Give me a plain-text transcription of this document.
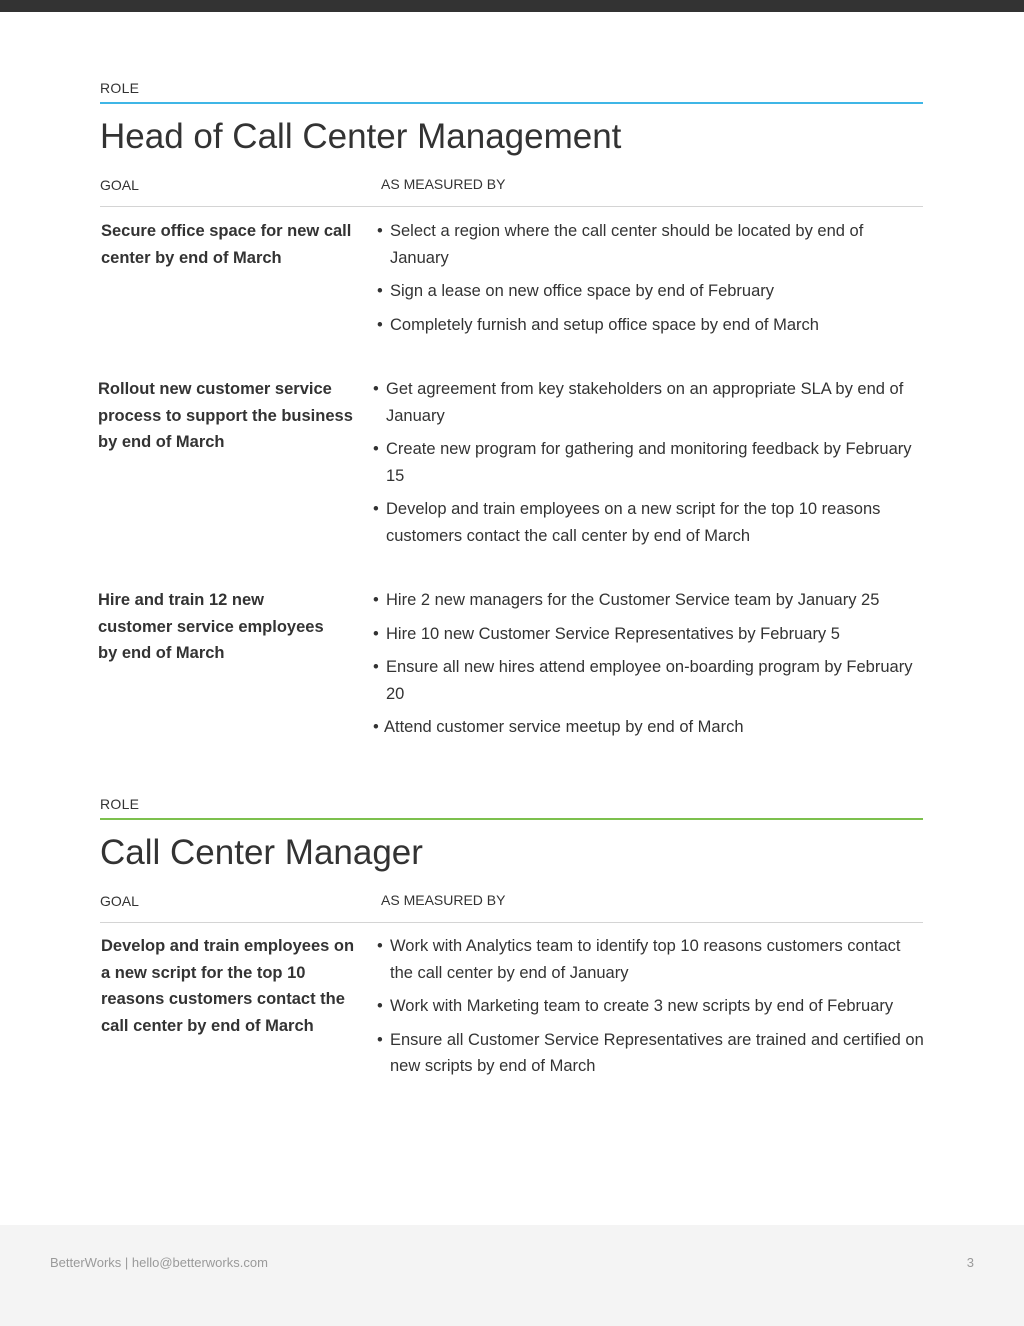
ROLE
Head of Call Center Management
GOAL	AS MEASURED BY
Secure office space for new call center by end of March
• Select a region where the call center should be located by end of January
• Sign a lease on new office space by end of February
• Completely furnish and setup office space by end of March
Rollout new customer service process to support the business by end of March
• Get agreement from key stakeholders on an appropriate SLA by end of January
• Create new program for gathering and monitoring feedback by February 15
• Develop and train employees on a new script for the top 10 reasons customers contact the call center by end of March
Hire and train 12 new customer service employees by end of March
• Hire 2 new managers for the Customer Service team by January 25
• Hire 10 new Customer Service Representatives by February 5
• Ensure all new hires attend employee on-boarding program by February 20
• Attend customer service meetup by end of March
ROLE
Call Center Manager
GOAL	AS MEASURED BY
Develop and train employees on a new script for the top 10 reasons customers contact the call center by end of March
• Work with Analytics team to identify top 10 reasons customers contact the call center by end of January
• Work with Marketing team to create 3 new scripts by end of February
• Ensure all Customer Service Representatives are trained and certified on new scripts by end of March
BetterWorks | hello@betterworks.com	3
